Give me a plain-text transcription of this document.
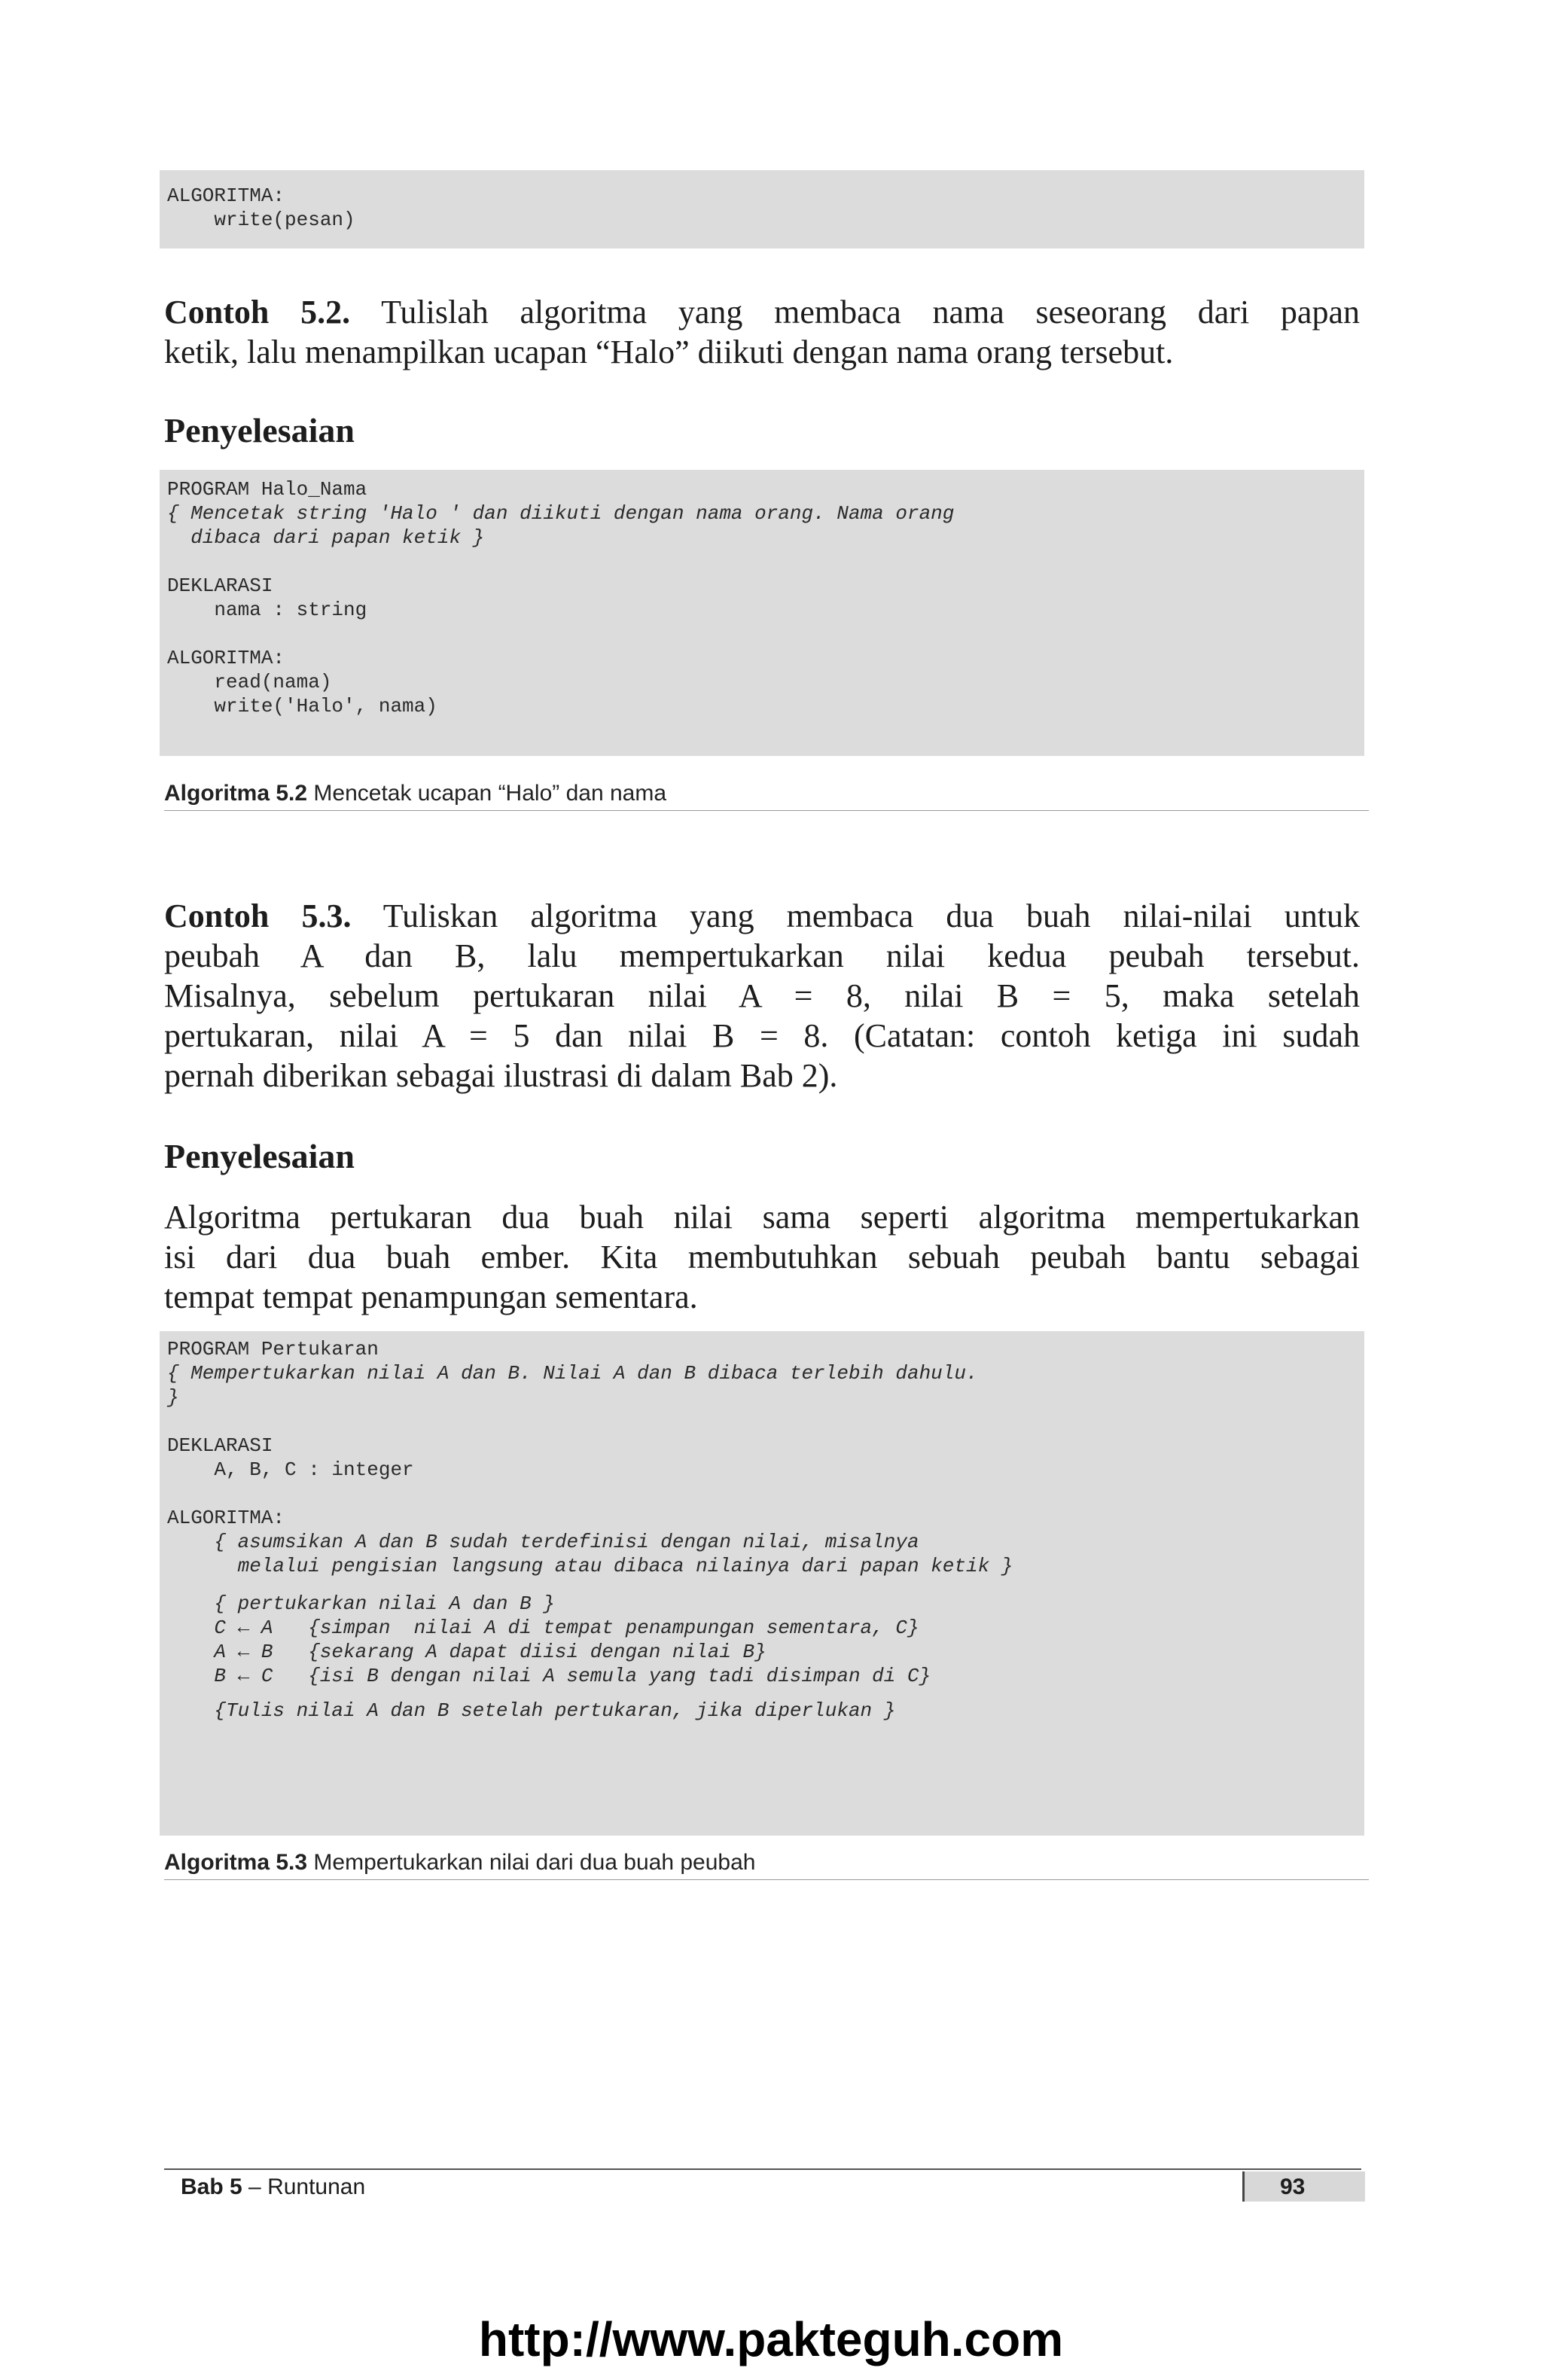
ALGORITMA:
write(pesan)
Contoh 5.2. Tulislah algoritma yang membaca nama seseorang dari papan
ketik, lalu menampilkan ucapan “Halo” diikuti dengan nama orang tersebut.
Penyelesaian
PROGRAM Halo_Nama
{ Mencetak string 'Halo ' dan diikuti dengan nama orang. Nama orang
dibaca dari papan ketik }
DEKLARASI
nama : string
ALGORITMA:
read(nama)
write('Halo', nama)
Algoritma 5.2 Mencetak ucapan “Halo” dan nama
Contoh 5.3. Tuliskan algoritma yang membaca dua buah nilai-nilai untuk
peubah A dan B, lalu mempertukarkan nilai kedua peubah tersebut.
Misalnya, sebelum pertukaran nilai A = 8, nilai B = 5, maka setelah
pertukaran, nilai A = 5 dan nilai B = 8. (Catatan: contoh ketiga ini sudah
pernah diberikan sebagai ilustrasi di dalam Bab 2).
Penyelesaian
Algoritma pertukaran dua buah nilai sama seperti algoritma mempertukarkan
isi dari dua buah ember. Kita membutuhkan sebuah peubah bantu sebagai
tempat tempat penampungan sementara.
PROGRAM Pertukaran
{ Mempertukarkan nilai A dan B. Nilai A dan B dibaca terlebih dahulu.
}
DEKLARASI
A, B, C : integer
ALGORITMA:
{ asumsikan A dan B sudah terdefinisi dengan nilai, misalnya
melalui pengisian langsung atau dibaca nilainya dari papan ketik }
{ pertukarkan nilai A dan B }
C ← A   {simpan  nilai A di tempat penampungan sementara, C}
A ← B   {sekarang A dapat diisi dengan nilai B}
B ← C   {isi B dengan nilai A semula yang tadi disimpan di C}
{Tulis nilai A dan B setelah pertukaran, jika diperlukan }
Algoritma 5.3 Mempertukarkan nilai dari dua buah peubah
Bab 5 – Runtunan	93
http://www.pakteguh.com
